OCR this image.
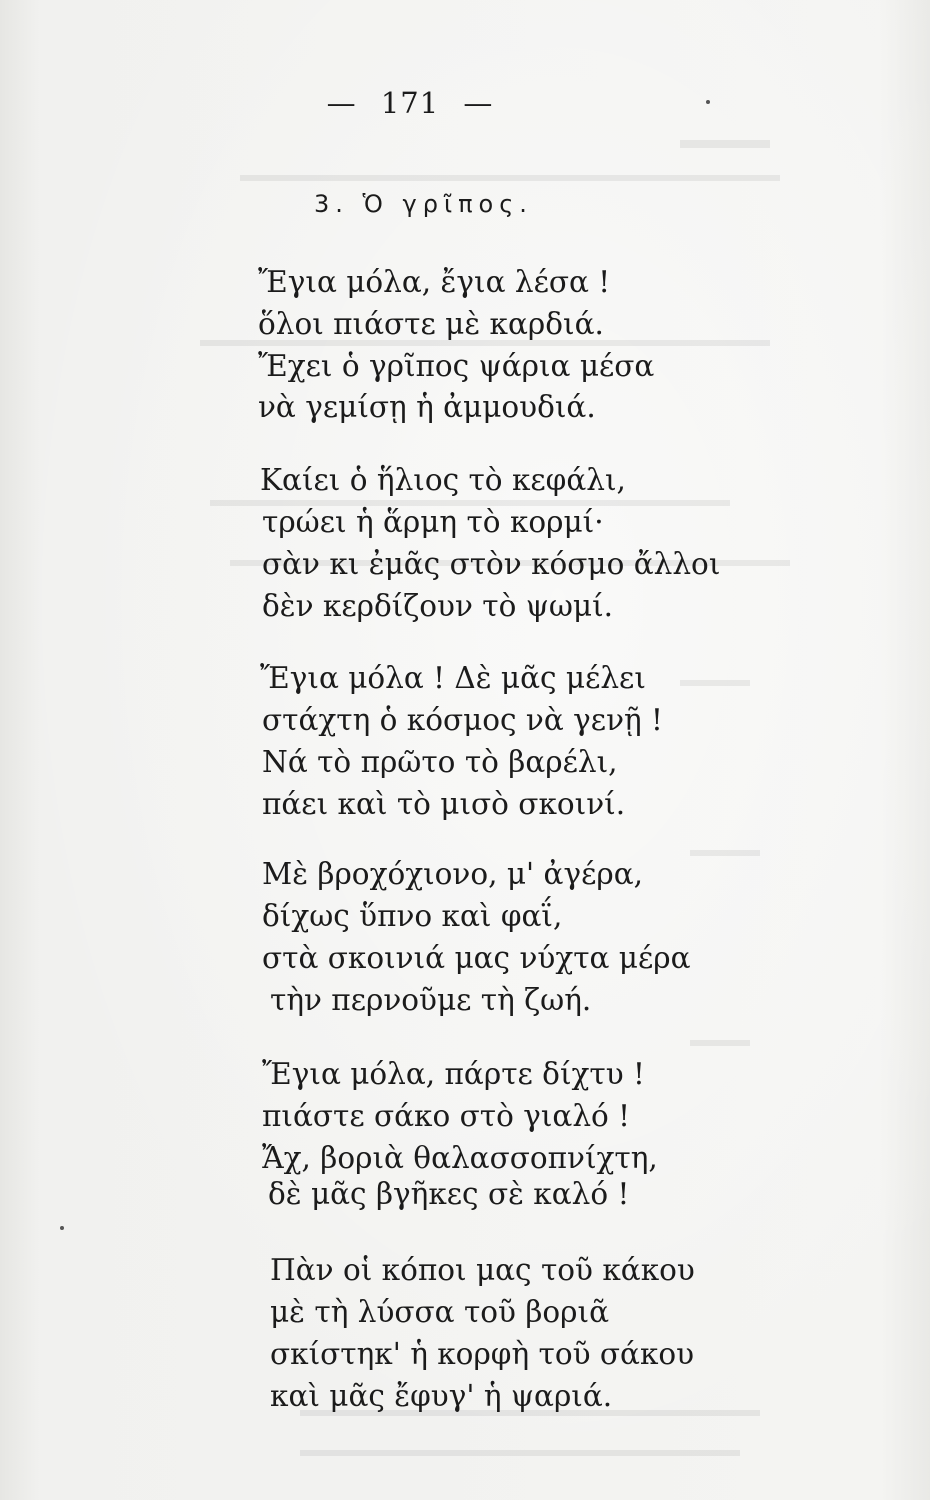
— 171 —
3. Ὁ γρῖπος.
Ἔγια μόλα, ἔγια λέσα !
ὅλοι πιάστε μὲ καρδιά.
Ἔχει ὁ γρῖπος ψάρια μέσα
νὰ γεμίσῃ ἡ ἀμμουδιά.
Καίει ὁ ἥλιος τὸ κεφάλι,
τρώει ἡ ἅρμη τὸ κορμί·
σὰν κι ἐμᾶς στὸν κόσμο ἄλλοι
δὲν κερδίζουν τὸ ψωμί.
Ἔγια μόλα ! Δὲ μᾶς μέλει
στάχτη ὁ κόσμος νὰ γενῇ !
Νά τὸ πρῶτο τὸ βαρέλι,
πάει καὶ τὸ μισὸ σκοινί.
Μὲ βροχόχιονο, μ' ἀγέρα,
δίχως ὕπνο καὶ φαΐ,
στὰ σκοινιά μας νύχτα μέρα
τὴν περνοῦμε τὴ ζωή.
Ἔγια μόλα, πάρτε δίχτυ !
πιάστε σάκο στὸ γιαλό !
Ἄχ, βοριὰ θαλασσοπνίχτη,
δὲ μᾶς βγῆκες σὲ καλό !
Πὰν οἱ κόποι μας τοῦ κάκου
μὲ τὴ λύσσα τοῦ βοριᾶ
σκίστηκ' ἡ κορφὴ τοῦ σάκου
καὶ μᾶς ἔφυγ' ἡ ψαριά.
